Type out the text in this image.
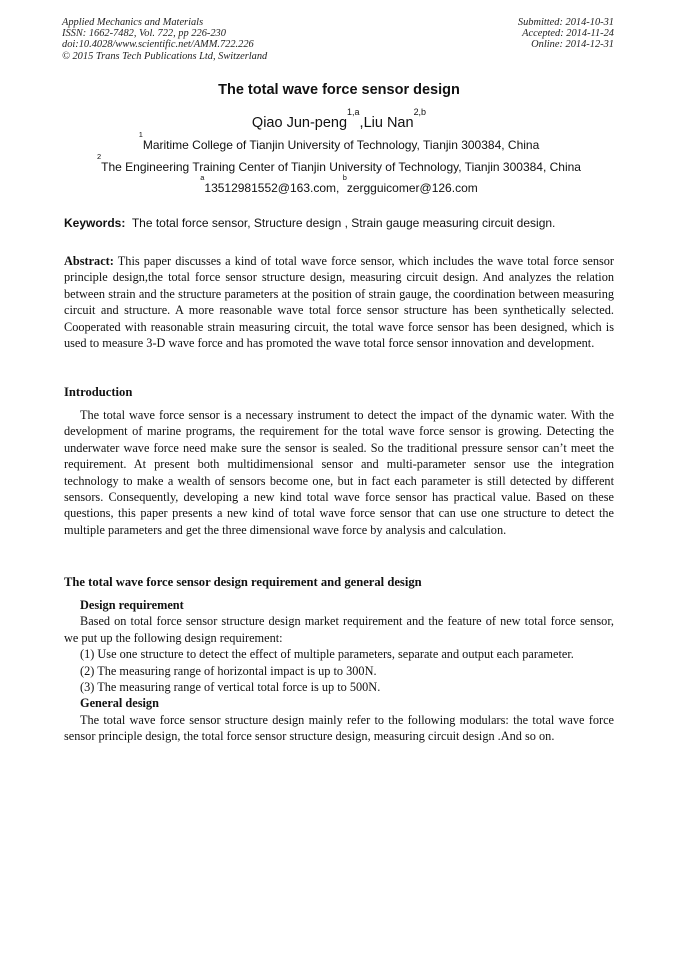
Applied Mechanics and Materials
ISSN: 1662-7482, Vol. 722, pp 226-230
doi:10.4028/www.scientific.net/AMM.722.226
© 2015 Trans Tech Publications Ltd, Switzerland
Submitted: 2014-10-31
Accepted: 2014-11-24
Online: 2014-12-31
The total wave force sensor design
Qiao Jun-peng$^{1,a}$,Liu Nan$^{2,b}$
$^1$Maritime College of Tianjin University of Technology, Tianjin 300384, China
$^2$The Engineering Training Center of Tianjin University of Technology, Tianjin 300384, China
$^a$13512981552@163.com, $^b$zergguicomer@126.com
Keywords: The total force sensor, Structure design , Strain gauge measuring circuit design.
Abstract: This paper discusses a kind of total wave force sensor, which includes the wave total force sensor principle design,the total force sensor structure design, measuring circuit design. And analyzes the relation between strain and the structure parameters at the position of strain gauge, the coordination between measuring circuit and structure. A more reasonable wave total force sensor structure has been synthetically selected. Cooperated with reasonable strain measuring circuit, the total wave force sensor has been designed, which is used to measure 3-D wave force and has promoted the wave total force sensor innovation and development.
Introduction
The total wave force sensor is a necessary instrument to detect the impact of the dynamic water. With the development of marine programs, the requirement for the total wave force sensor is growing. Detecting the underwater wave force need make sure the sensor is sealed. So the traditional pressure sensor can’t meet the requirement. At present both multidimensional sensor and multi-parameter sensor use the integration technology to make a wealth of sensors become one, but in fact each parameter is still detected by different sensors. Consequently, developing a new kind total wave force sensor has practical value. Based on these questions, this paper presents a new kind of total wave force sensor that can use one structure to detect the multiple parameters and get the three dimensional wave force by analysis and calculation.
The total wave force sensor design requirement and general design
Design requirement
Based on total force sensor structure design market requirement and the feature of new total force sensor, we put up the following design requirement:
(1) Use one structure to detect the effect of multiple parameters, separate and output each parameter.
(2) The measuring range of horizontal impact is up to 300N.
(3) The measuring range of vertical total force is up to 500N.
General design
The total wave force sensor structure design mainly refer to the following modulars: the total wave force sensor principle design, the total force sensor structure design, measuring circuit design .And so on.
